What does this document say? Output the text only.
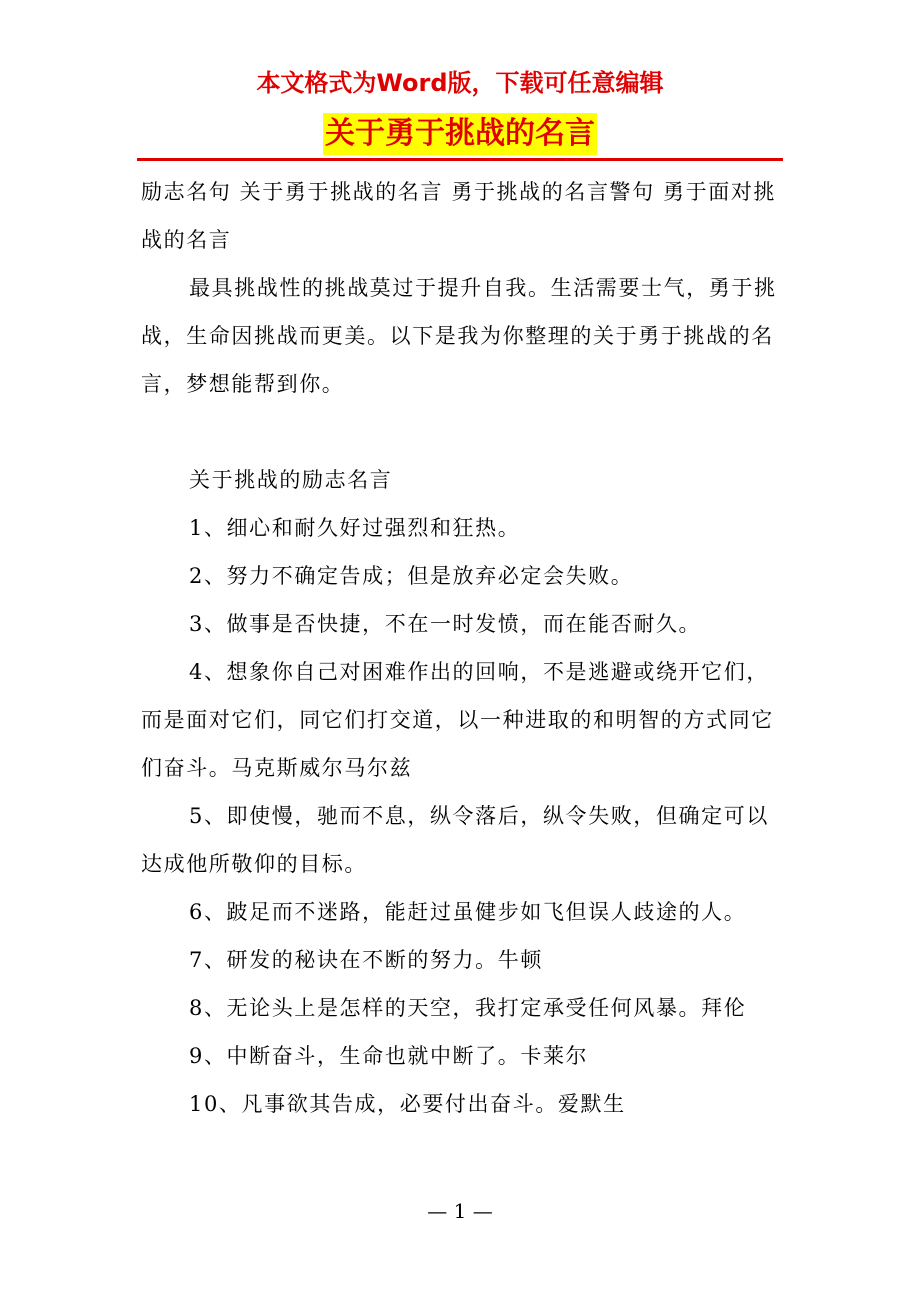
本文格式为Word版，下载可任意编辑
关于勇于挑战的名言

励志名句 关于勇于挑战的名言 勇于挑战的名言警句 勇于面对挑战的名言

最具挑战性的挑战莫过于提升自我。生活需要士气，勇于挑战，生命因挑战而更美。以下是我为你整理的关于勇于挑战的名言，梦想能帮到你。

关于挑战的励志名言

1、细心和耐久好过强烈和狂热。

2、努力不确定告成；但是放弃必定会失败。

3、做事是否快捷，不在一时发愤，而在能否耐久。

4、想象你自己对困难作出的回响，不是逃避或绕开它们，而是面对它们，同它们打交道，以一种进取的和明智的方式同它们奋斗。马克斯威尔马尔兹

5、即使慢，驰而不息，纵令落后，纵令失败，但确定可以达成他所敬仰的目标。

6、跛足而不迷路，能赶过虽健步如飞但误人歧途的人。

7、研发的秘诀在不断的努力。牛顿

8、无论头上是怎样的天空，我打定承受任何风暴。拜伦

9、中断奋斗，生命也就中断了。卡莱尔

10、凡事欲其告成，必要付出奋斗。爱默生

— 1 —
